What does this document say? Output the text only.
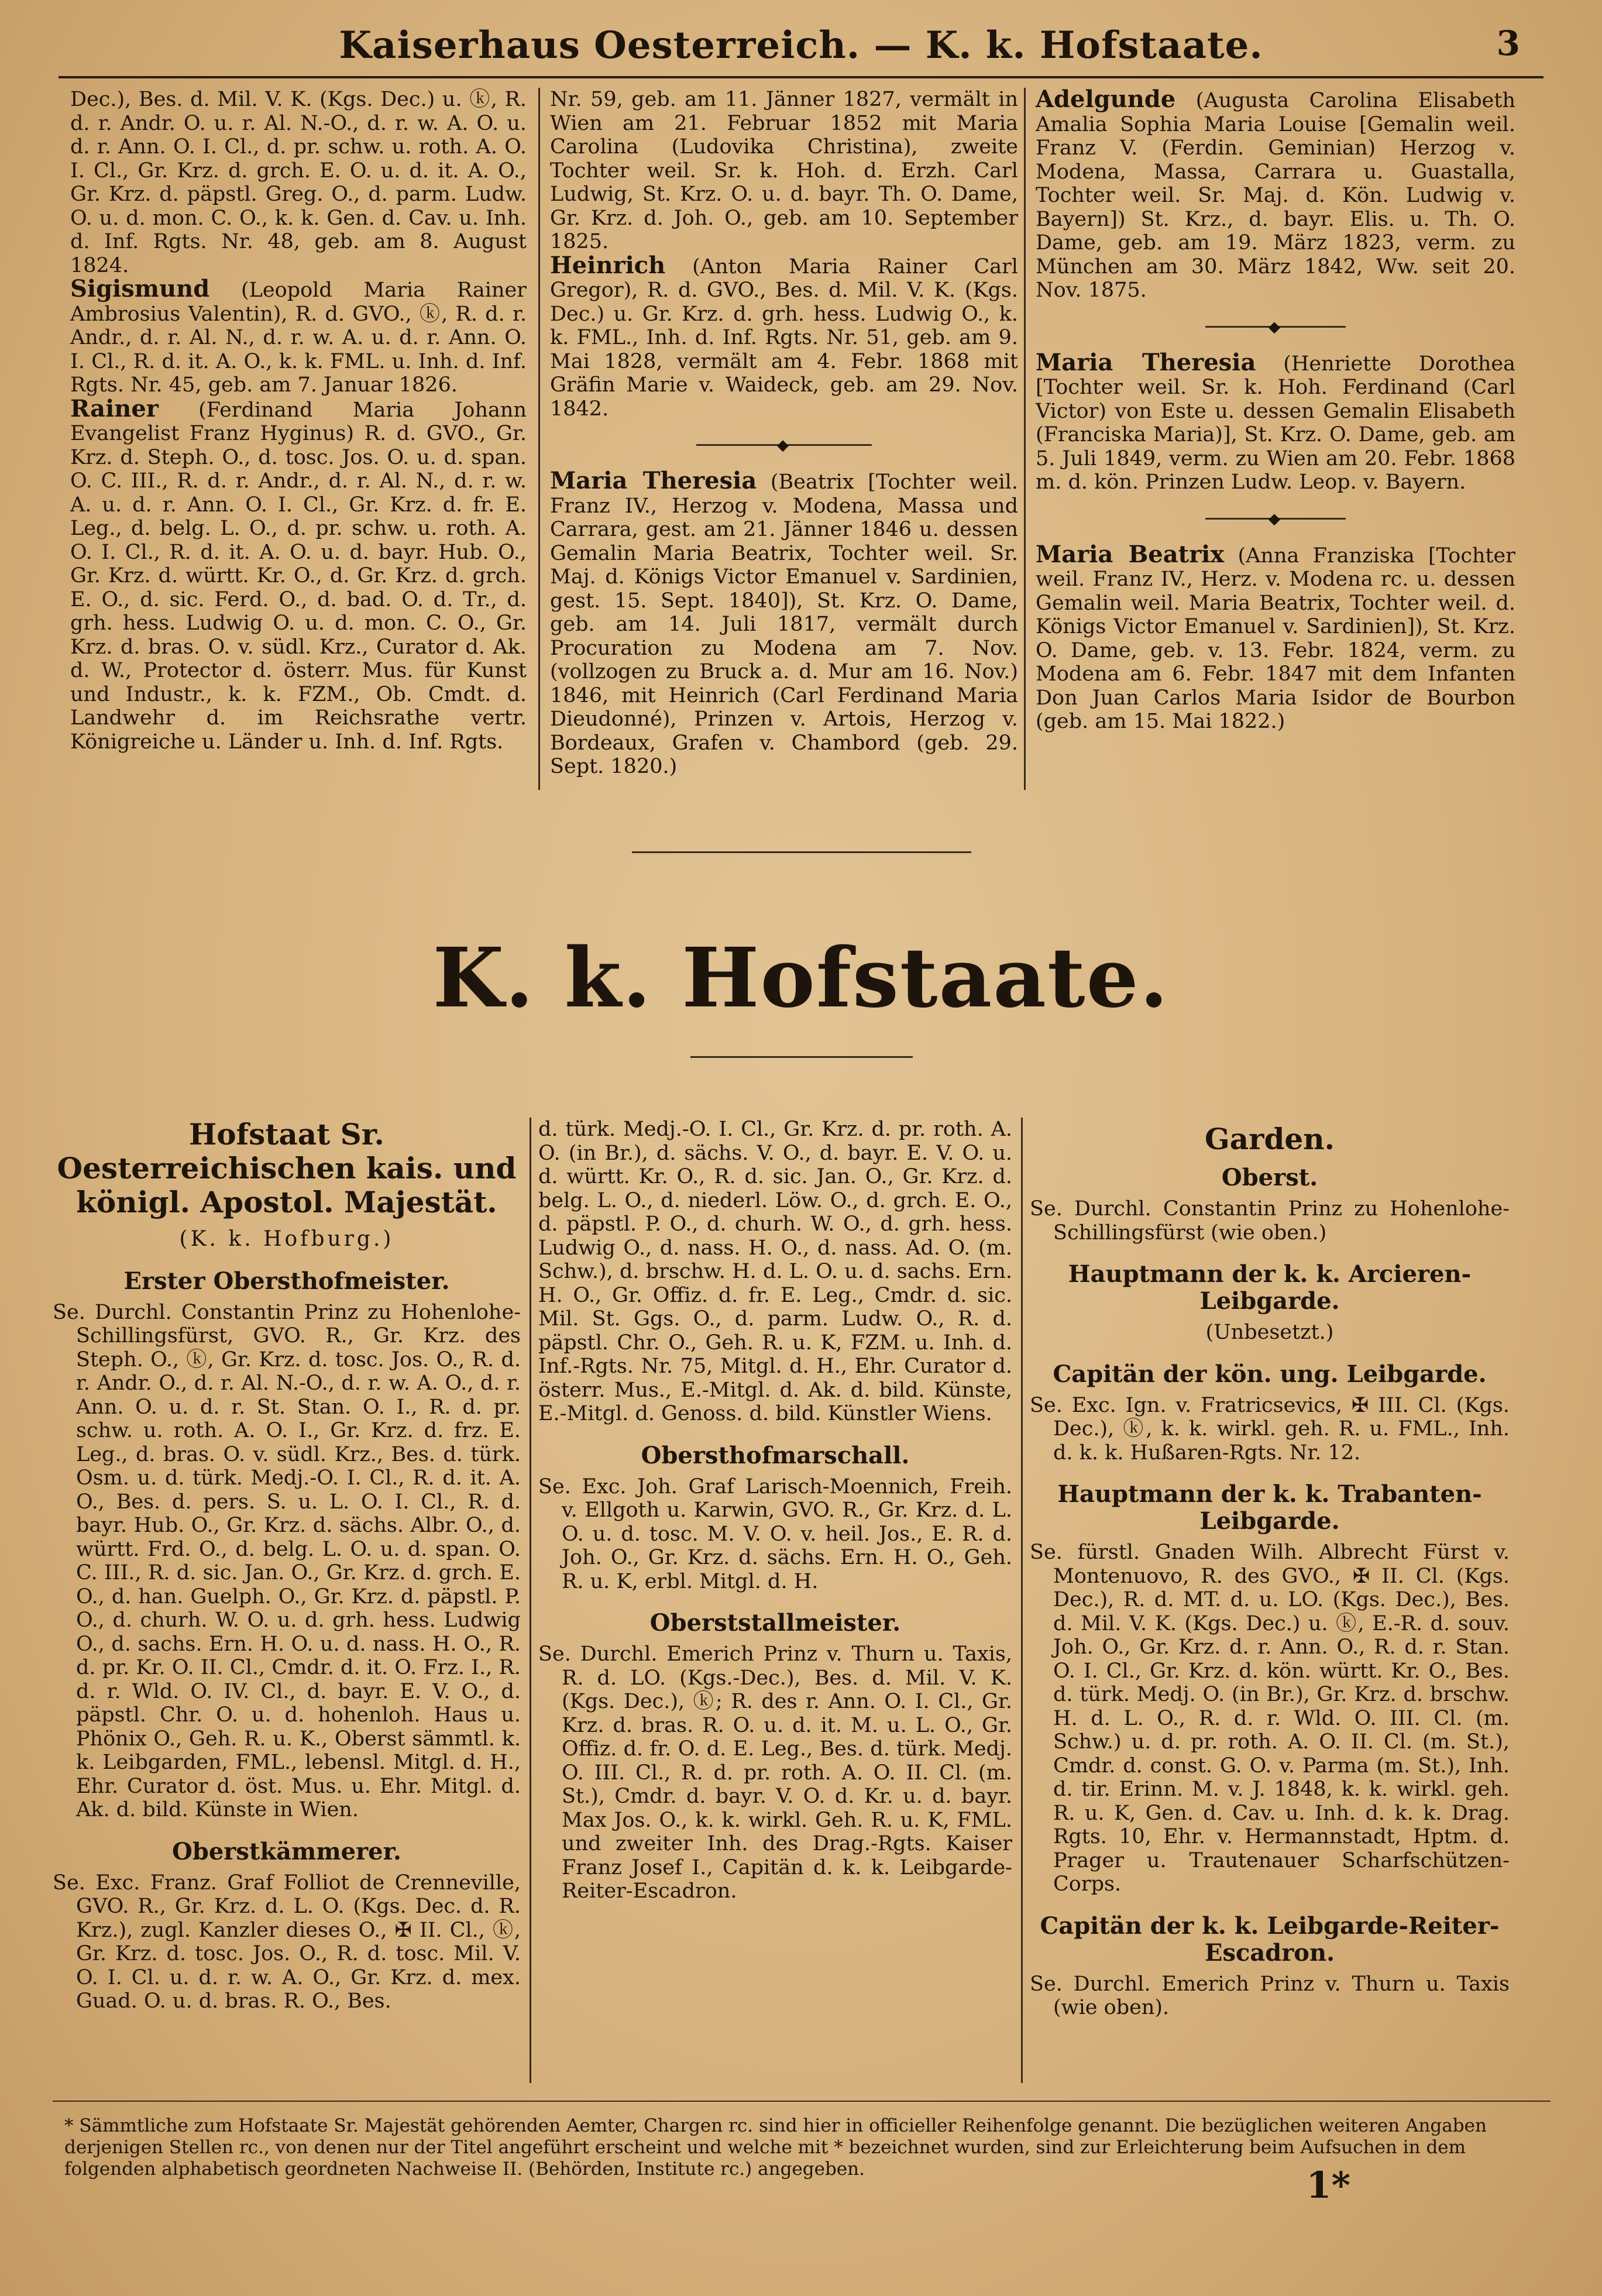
Kaiserhaus Oesterreich. — K. k. Hofstaate.	3

Dec.), Bes. d. Mil. V. K. (Kgs. Dec.) u. ⓚ, R. d. r. Andr. O. u. r. Al. N.-O., d. r. w. A. O. u. d. r. Ann. O. I. Cl., d. pr. schw. u. roth. A. O. I. Cl., Gr. Krz. d. grch. E. O. u. d. it. A. O., Gr. Krz. d. päpstl. Greg. O., d. parm. Ludw. O. u. d. mon. C. O., k. k. Gen. d. Cav. u. Inh. d. Inf. Rgts. Nr. 48, geb. am 8. August 1824.

Sigismund (Leopold Maria Rainer Ambrosius Valentin), R. d. GVO., ⓚ, R. d. r. Andr., d. r. Al. N., d. r. w. A. u. d. r. Ann. O. I. Cl., R. d. it. A. O., k. k. FML. u. Inh. d. Inf. Rgts. Nr. 45, geb. am 7. Januar 1826.

Rainer (Ferdinand Maria Johann Evangelist Franz Hyginus) R. d. GVO., Gr. Krz. d. Steph. O., d. tosc. Jos. O. u. d. span. O. C. III., R. d. r. Andr., d. r. Al. N., d. r. w. A. u. d. r. Ann. O. I. Cl., Gr. Krz. d. fr. E. Leg., d. belg. L. O., d. pr. schw. u. roth. A. O. I. Cl., R. d. it. A. O. u. d. bayr. Hub. O., Gr. Krz. d. württ. Kr. O., d. Gr. Krz. d. grch. E. O., d. sic. Ferd. O., d. bad. O. d. Tr., d. grh. hess. Ludwig O. u. d. mon. C. O., Gr. Krz. d. bras. O. v. südl. Krz., Curator d. Ak. d. W., Protector d. österr. Mus. für Kunst und Industr., k. k. FZM., Ob. Cmdt. d. Landwehr d. im Reichsrathe vertr. Königreiche u. Länder u. Inh. d. Inf. Rgts.

Nr. 59, geb. am 11. Jänner 1827, vermält in Wien am 21. Februar 1852 mit Maria Carolina (Ludovika Christina), zweite Tochter weil. Sr. k. Hoh. d. Erzh. Carl Ludwig, St. Krz. O. u. d. bayr. Th. O. Dame, Gr. Krz. d. Joh. O., geb. am 10. September 1825.

Heinrich (Anton Maria Rainer Carl Gregor), R. d. GVO., Bes. d. Mil. V. K. (Kgs. Dec.) u. Gr. Krz. d. grh. hess. Ludwig O., k. k. FML., Inh. d. Inf. Rgts. Nr. 51, geb. am 9. Mai 1828, vermält am 4. Febr. 1868 mit Gräfin Marie v. Waideck, geb. am 29. Nov. 1842.

◆

Maria Theresia (Beatrix [Tochter weil. Franz IV., Herzog v. Modena, Massa und Carrara, gest. am 21. Jänner 1846 u. dessen Gemalin Maria Beatrix, Tochter weil. Sr. Maj. d. Königs Victor Emanuel v. Sardinien, gest. 15. Sept. 1840]), St. Krz. O. Dame, geb. am 14. Juli 1817, vermält durch Procuration zu Modena am 7. Nov. (vollzogen zu Bruck a. d. Mur am 16. Nov.) 1846, mit Heinrich (Carl Ferdinand Maria Dieudonné), Prinzen v. Artois, Herzog v. Bordeaux, Grafen v. Chambord (geb. 29. Sept. 1820.)

Adelgunde (Augusta Carolina Elisabeth Amalia Sophia Maria Louise [Gemalin weil. Franz V. (Ferdin. Geminian) Herzog v. Modena, Massa, Carrara u. Guastalla, Tochter weil. Sr. Maj. d. Kön. Ludwig v. Bayern]) St. Krz., d. bayr. Elis. u. Th. O. Dame, geb. am 19. März 1823, verm. zu München am 30. März 1842, Ww. seit 20. Nov. 1875.

◆

Maria Theresia (Henriette Dorothea [Tochter weil. Sr. k. Hoh. Ferdinand (Carl Victor) von Este u. dessen Gemalin Elisabeth (Franciska Maria)], St. Krz. O. Dame, geb. am 5. Juli 1849, verm. zu Wien am 20. Febr. 1868 m. d. kön. Prinzen Ludw. Leop. v. Bayern.

◆

Maria Beatrix (Anna Franziska [Tochter weil. Franz IV., Herz. v. Modena rc. u. dessen Gemalin weil. Maria Beatrix, Tochter weil. d. Königs Victor Emanuel v. Sardinien]), St. Krz. O. Dame, geb. v. 13. Febr. 1824, verm. zu Modena am 6. Febr. 1847 mit dem Infanten Don Juan Carlos Maria Isidor de Bourbon (geb. am 15. Mai 1822.)

K. k. Hofstaate.
Hofstaat Sr. Oesterreichischen kais. und königl. Apostol. Majestät.
(K. k. Hofburg.)
Erster Obersthofmeister.

Se. Durchl. Constantin Prinz zu Hohenlohe-Schillingsfürst, GVO. R., Gr. Krz. des Steph. O., ⓚ, Gr. Krz. d. tosc. Jos. O., R. d. r. Andr. O., d. r. Al. N.-O., d. r. w. A. O., d. r. Ann. O. u. d. r. St. Stan. O. I., R. d. pr. schw. u. roth. A. O. I., Gr. Krz. d. frz. E. Leg., d. bras. O. v. südl. Krz., Bes. d. türk. Osm. u. d. türk. Medj.-O. I. Cl., R. d. it. A. O., Bes. d. pers. S. u. L. O. I. Cl., R. d. bayr. Hub. O., Gr. Krz. d. sächs. Albr. O., d. württ. Frd. O., d. belg. L. O. u. d. span. O. C. III., R. d. sic. Jan. O., Gr. Krz. d. grch. E. O., d. han. Guelph. O., Gr. Krz. d. päpstl. P. O., d. churh. W. O. u. d. grh. hess. Ludwig O., d. sachs. Ern. H. O. u. d. nass. H. O., R. d. pr. Kr. O. II. Cl., Cmdr. d. it. O. Frz. I., R. d. r. Wld. O. IV. Cl., d. bayr. E. V. O., d. päpstl. Chr. O. u. d. hohenloh. Haus u. Phönix O., Geh. R. u. K., Oberst sämmtl. k. k. Leibgarden, FML., lebensl. Mitgl. d. H., Ehr. Curator d. öst. Mus. u. Ehr. Mitgl. d. Ak. d. bild. Künste in Wien.

Oberstkämmerer.

Se. Exc. Franz. Graf Folliot de Crenneville, GVO. R., Gr. Krz. d. L. O. (Kgs. Dec. d. R. Krz.), zugl. Kanzler dieses O., ✠ II. Cl., ⓚ, Gr. Krz. d. tosc. Jos. O., R. d. tosc. Mil. V. O. I. Cl. u. d. r. w. A. O., Gr. Krz. d. mex. Guad. O. u. d. bras. R. O., Bes.

d. türk. Medj.-O. I. Cl., Gr. Krz. d. pr. roth. A. O. (in Br.), d. sächs. V. O., d. bayr. E. V. O. u. d. württ. Kr. O., R. d. sic. Jan. O., Gr. Krz. d. belg. L. O., d. niederl. Löw. O., d. grch. E. O., d. päpstl. P. O., d. churh. W. O., d. grh. hess. Ludwig O., d. nass. H. O., d. nass. Ad. O. (m. Schw.), d. brschw. H. d. L. O. u. d. sachs. Ern. H. O., Gr. Offiz. d. fr. E. Leg., Cmdr. d. sic. Mil. St. Ggs. O., d. parm. Ludw. O., R. d. päpstl. Chr. O., Geh. R. u. K, FZM. u. Inh. d. Inf.-Rgts. Nr. 75, Mitgl. d. H., Ehr. Curator d. österr. Mus., E.-Mitgl. d. Ak. d. bild. Künste, E.-Mitgl. d. Genoss. d. bild. Künstler Wiens.

Obersthofmarschall.

Se. Exc. Joh. Graf Larisch-Moennich, Freih. v. Ellgoth u. Karwin, GVO. R., Gr. Krz. d. L. O. u. d. tosc. M. V. O. v. heil. Jos., E. R. d. Joh. O., Gr. Krz. d. sächs. Ern. H. O., Geh. R. u. K, erbl. Mitgl. d. H.

Oberststallmeister.

Se. Durchl. Emerich Prinz v. Thurn u. Taxis, R. d. LO. (Kgs.-Dec.), Bes. d. Mil. V. K. (Kgs. Dec.), ⓚ; R. des r. Ann. O. I. Cl., Gr. Krz. d. bras. R. O. u. d. it. M. u. L. O., Gr. Offiz. d. fr. O. d. E. Leg., Bes. d. türk. Medj. O. III. Cl., R. d. pr. roth. A. O. II. Cl. (m. St.), Cmdr. d. bayr. V. O. d. Kr. u. d. bayr. Max Jos. O., k. k. wirkl. Geh. R. u. K, FML. und zweiter Inh. des Drag.-Rgts. Kaiser Franz Josef I., Capitän d. k. k. Leibgarde-Reiter-Escadron.

Garden.
Oberst.

Se. Durchl. Constantin Prinz zu Hohenlohe-Schillingsfürst (wie oben.)

Hauptmann der k. k. Arcieren-Leibgarde.

(Unbesetzt.)

Capitän der kön. ung. Leibgarde.

Se. Exc. Ign. v. Fratricsevics, ✠ III. Cl. (Kgs. Dec.), ⓚ, k. k. wirkl. geh. R. u. FML., Inh. d. k. k. Hußaren-Rgts. Nr. 12.

Hauptmann der k. k. Trabanten-Leibgarde.

Se. fürstl. Gnaden Wilh. Albrecht Fürst v. Montenuovo, R. des GVO., ✠ II. Cl. (Kgs. Dec.), R. d. MT. d. u. LO. (Kgs. Dec.), Bes. d. Mil. V. K. (Kgs. Dec.) u. ⓚ, E.-R. d. souv. Joh. O., Gr. Krz. d. r. Ann. O., R. d. r. Stan. O. I. Cl., Gr. Krz. d. kön. württ. Kr. O., Bes. d. türk. Medj. O. (in Br.), Gr. Krz. d. brschw. H. d. L. O., R. d. r. Wld. O. III. Cl. (m. Schw.) u. d. pr. roth. A. O. II. Cl. (m. St.), Cmdr. d. const. G. O. v. Parma (m. St.), Inh. d. tir. Erinn. M. v. J. 1848, k. k. wirkl. geh. R. u. K, Gen. d. Cav. u. Inh. d. k. k. Drag. Rgts. 10, Ehr. v. Hermannstadt, Hptm. d. Prager u. Trautenauer Scharfschützen-Corps.

Capitän der k. k. Leibgarde-Reiter-Escadron.

Se. Durchl. Emerich Prinz v. Thurn u. Taxis (wie oben).

* Sämmtliche zum Hofstaate Sr. Majestät gehörenden Aemter, Chargen rc. sind hier in officieller Reihenfolge genannt. Die bezüglichen weiteren Angaben derjenigen Stellen rc., von denen nur der Titel angeführt erscheint und welche mit * bezeichnet wurden, sind zur Erleichterung beim Aufsuchen in dem folgenden alphabetisch geordneten Nachweise II. (Behörden, Institute rc.) angegeben.	1*
